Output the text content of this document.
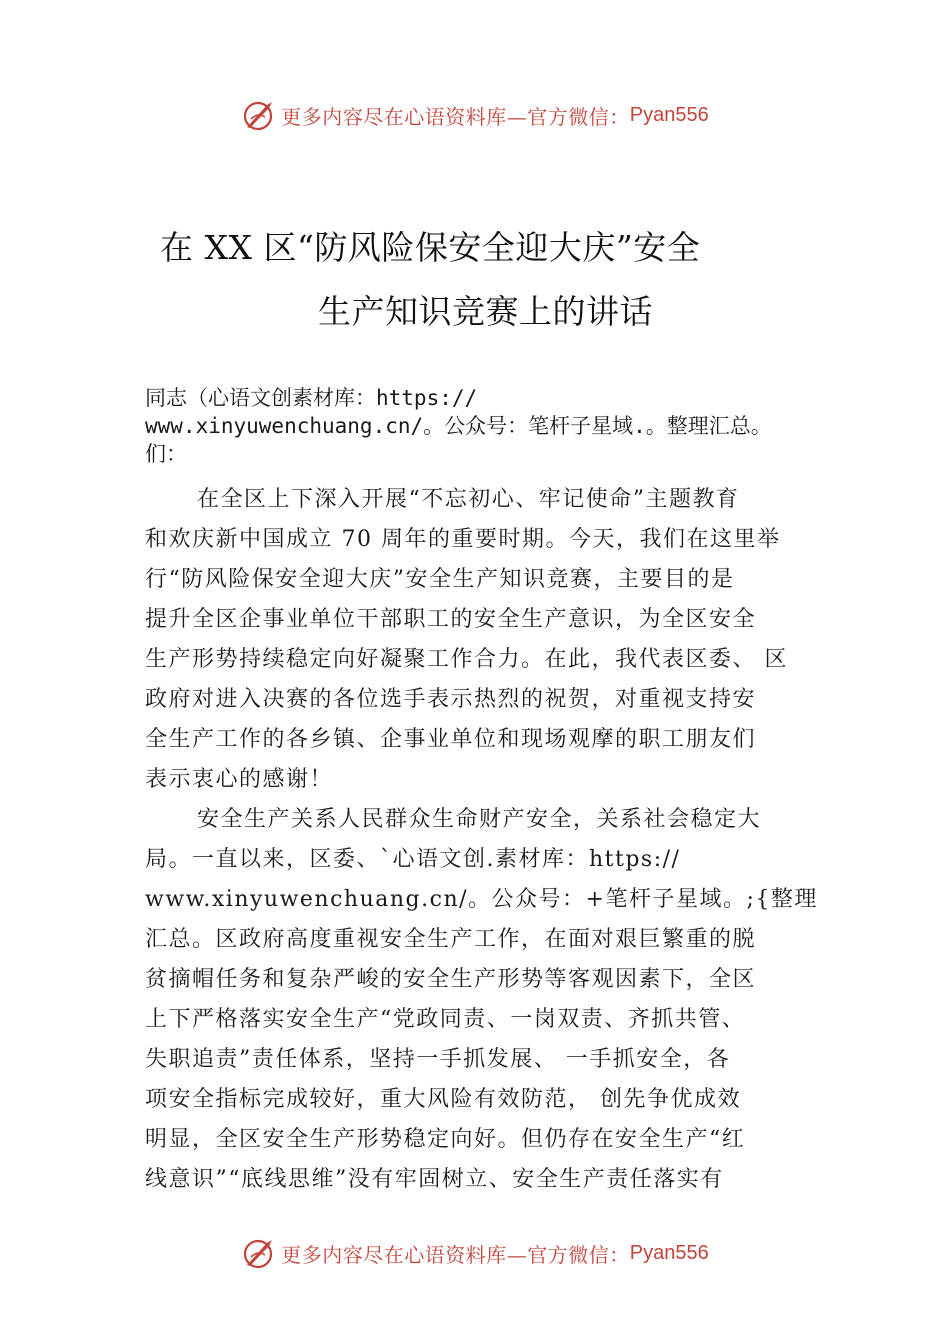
更多内容尽在心语资料库—官方微信： Pyan556
在 XX 区“防风险保安全迎大庆”安全
生产知识竞赛上的讲话
同志（心语文创素材库：https://
www.xinyuwenchuang.cn/。公众号：笔杆子星域.。整理汇总。
们：
在全区上下深入开展“不忘初心、牢记使命”主题教育
和欢庆新中国成立 70 周年的重要时期。今天，我们在这里举
行“防风险保安全迎大庆”安全生产知识竞赛，主要目的是
提升全区企事业单位干部职工的安全生产意识，为全区安全
生产形势持续稳定向好凝聚工作合力。在此，我代表区委、 区
政府对进入决赛的各位选手表示热烈的祝贺，对重视支持安
全生产工作的各乡镇、企事业单位和现场观摩的职工朋友们
表示衷心的感谢！
安全生产关系人民群众生命财产安全，关系社会稳定大
局。一直以来，区委、`心语文创.素材库：https://
www.xinyuwenchuang.cn/。公众号：+笔杆子星域。;{整理
汇总。区政府高度重视安全生产工作，在面对艰巨繁重的脱
贫摘帽任务和复杂严峻的安全生产形势等客观因素下，全区
上下严格落实安全生产“党政同责、一岗双责、齐抓共管、
失职追责”责任体系，坚持一手抓发展、 一手抓安全，各
项安全指标完成较好，重大风险有效防范， 创先争优成效
明显，全区安全生产形势稳定向好。但仍存在安全生产“红
线意识”“底线思维”没有牢固树立、安全生产责任落实有
更多内容尽在心语资料库—官方微信： Pyan556
